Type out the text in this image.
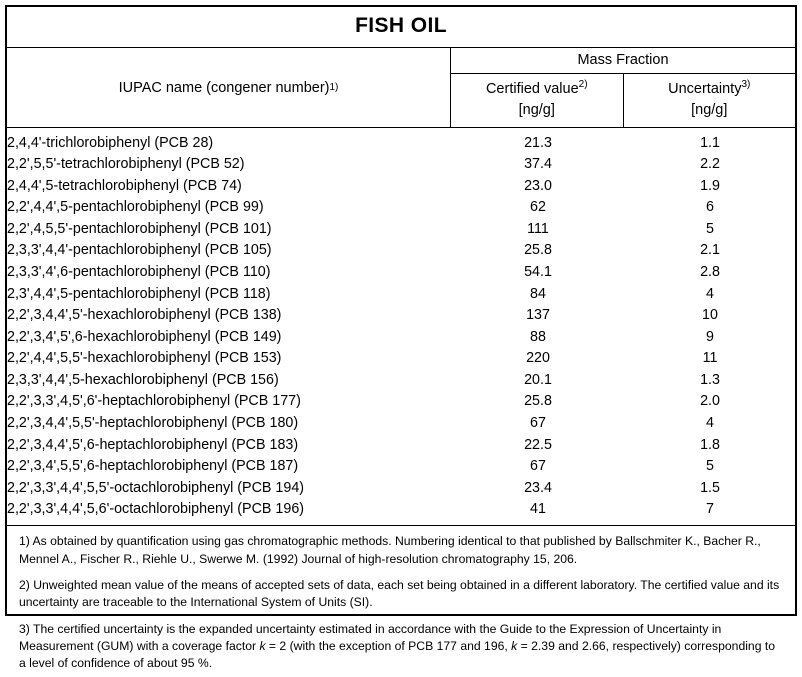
FISH OIL
IUPAC name (congener number) 1)
Mass Fraction
Certified value$^{2)}$
[ng/g]
Uncertainty$^{3)}$
[ng/g]
2,4,4'-trichlorobiphenyl (PCB 28)	21.3	1.1
2,2',5,5'-tetrachlorobiphenyl (PCB 52)	37.4	2.2
2,4,4',5-tetrachlorobiphenyl (PCB 74)	23.0	1.9
2,2',4,4',5-pentachlorobiphenyl (PCB 99)	62	6
2,2',4,5,5'-pentachlorobiphenyl (PCB 101)	111	5
2,3,3',4,4'-pentachlorobiphenyl (PCB 105)	25.8	2.1
2,3,3',4',6-pentachlorobiphenyl (PCB 110)	54.1	2.8
2,3',4,4',5-pentachlorobiphenyl (PCB 118)	84	4
2,2',3,4,4',5'-hexachlorobiphenyl (PCB 138)	137	10
2,2',3,4',5',6-hexachlorobiphenyl (PCB 149)	88	9
2,2',4,4',5,5'-hexachlorobiphenyl (PCB 153)	220	11
2,3,3',4,4',5-hexachlorobiphenyl (PCB 156)	20.1	1.3
2,2',3,3',4,5',6'-heptachlorobiphenyl (PCB 177)	25.8	2.0
2,2',3,4,4',5,5'-heptachlorobiphenyl (PCB 180)	67	4
2,2',3,4,4',5',6-heptachlorobiphenyl (PCB 183)	22.5	1.8
2,2',3,4',5,5',6-heptachlorobiphenyl (PCB 187)	67	5
2,2',3,3',4,4',5,5'-octachlorobiphenyl (PCB 194)	23.4	1.5
2,2',3,3',4,4',5,6'-octachlorobiphenyl (PCB 196)	41	7
1) As obtained by quantification using gas chromatographic methods. Numbering identical to that published by Ballschmiter K., Bacher R., Mennel A., Fischer R., Riehle U., Swerwe M. (1992) Journal of high-resolution chromatography 15, 206.
2) Unweighted mean value of the means of accepted sets of data, each set being obtained in a different laboratory. The certified value and its uncertainty are traceable to the International System of Units (SI).
3) The certified uncertainty is the expanded uncertainty estimated in accordance with the Guide to the Expression of Uncertainty in Measurement (GUM) with a coverage factor k = 2 (with the exception of PCB 177 and 196, k = 2.39 and 2.66, respectively) corresponding to a level of confidence of about 95 %.
